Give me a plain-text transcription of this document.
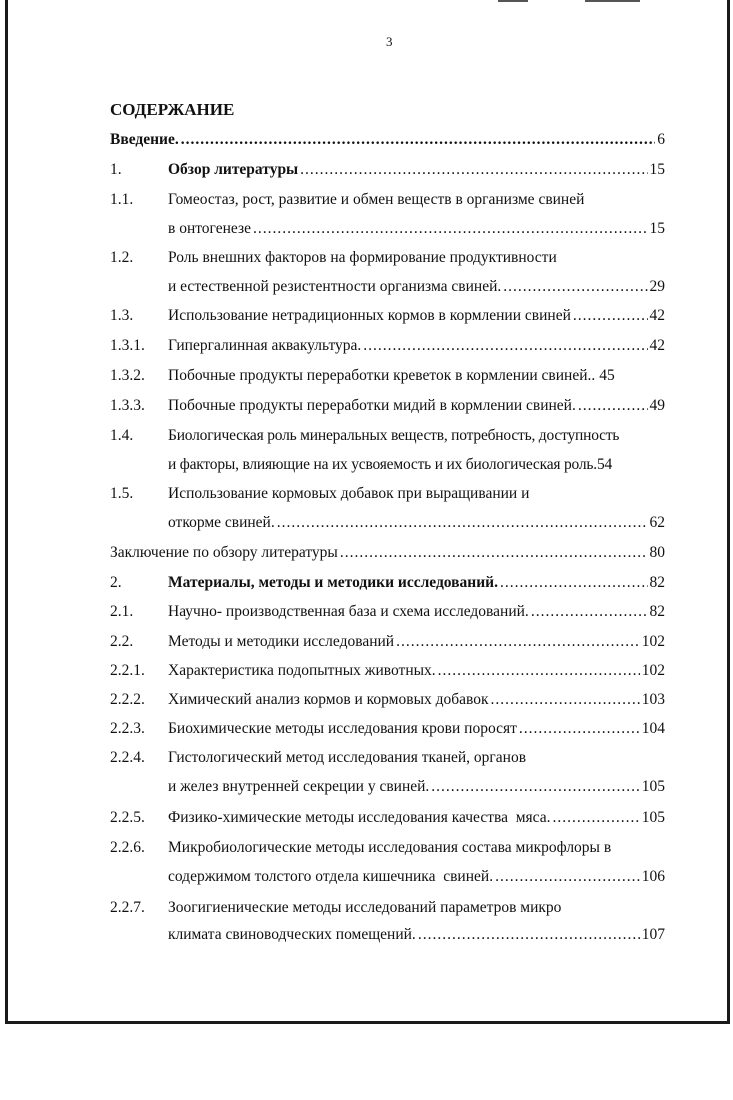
3
СОДЕРЖАНИЕ
Введение. .....	6
1.	Обзор литературы .....	15
1.1.	Гомеостаз, рост, развитие и обмен веществ в организме свиней
в онтогенезе .....	15
1.2.	Роль внешних факторов на формирование продуктивности
и естественной резистентности организма свиней. .....	29
1.3.	Использование нетрадиционных кормов в кормлении свиней .....	42
1.3.1.	Гипергалинная аквакультура. .....	42
1.3.2.	Побочные продукты переработки креветок в кормлении свиней.. 45
1.3.3.	Побочные продукты переработки мидий в кормлении свиней. .....	49
1.4.	Биологическая роль минеральных веществ, потребность, доступность
и факторы, влияющие на их усвояемость и их биологическая роль.54
1.5.	Использование кормовых добавок при выращивании и
откорме свиней. .....	62
Заключение по обзору литературы .....	80
2.	Материалы, методы и методики исследований. .....	82
2.1.	Научно- производственная база и схема исследований. .....	82
2.2.	Методы и методики исследований .....	102
2.2.1.	Характеристика подопытных животных. .....	102
2.2.2.	Химический анализ кормов и кормовых добавок .....	103
2.2.3.	Биохимические методы исследования крови поросят .....	104
2.2.4.	Гистологический метод исследования тканей, органов
и желез внутренней секреции у свиней. .....	105
2.2.5.	Физико-химические методы исследования качества  мяса. .....	105
2.2.6.	Микробиологические методы исследования состава микрофлоры в
содержимом толстого отдела кишечника  свиней. .....	106
2.2.7.	Зоогигиенические методы исследований параметров микро
климата свиноводческих помещений. .....	107
